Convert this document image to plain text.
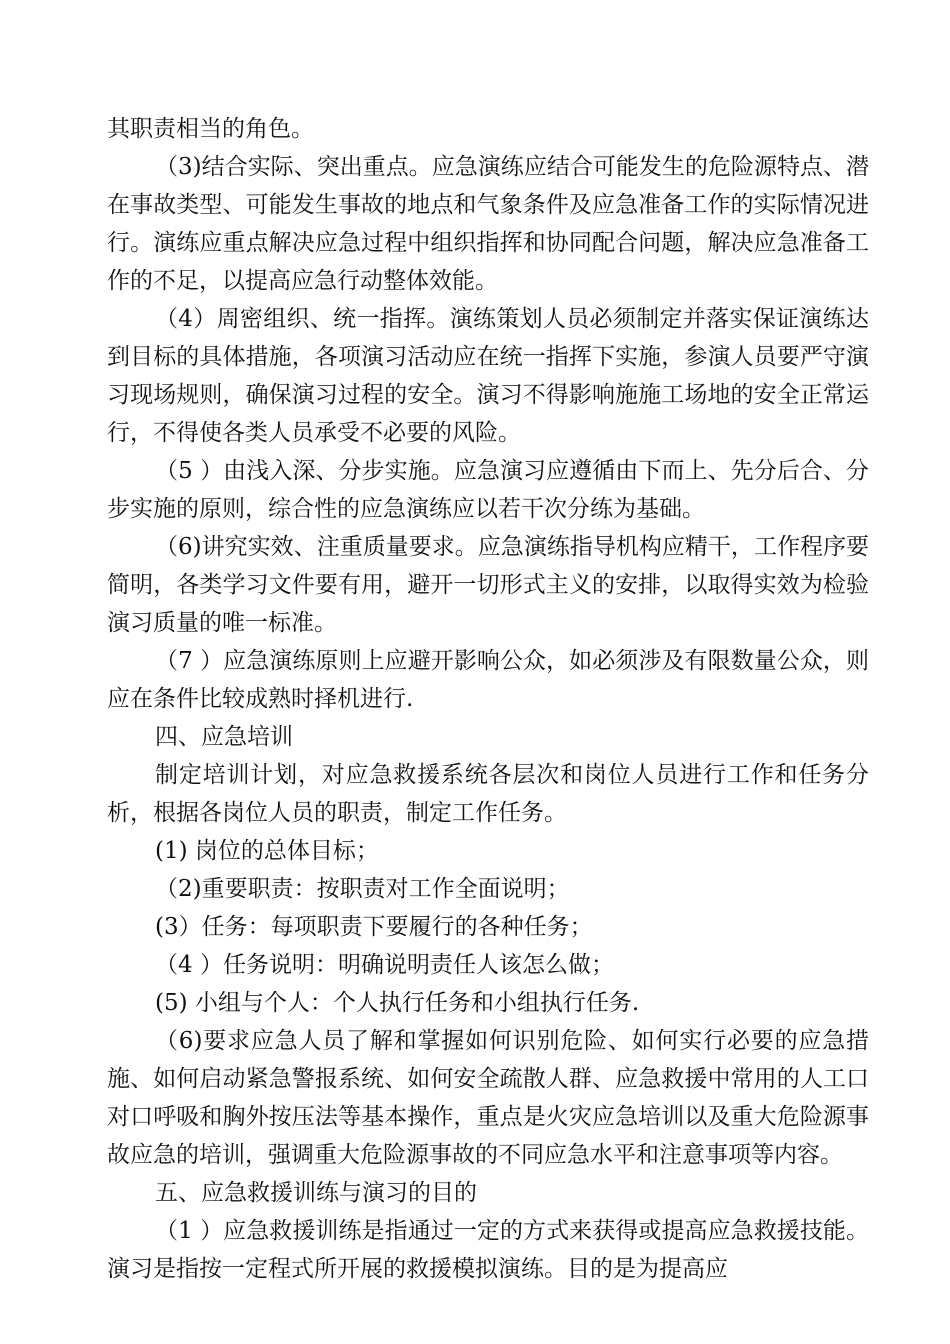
其职责相当的角色。

（3)结合实际、突出重点。应急演练应结合可能发生的危险源特点、潜在事故类型、可能发生事故的地点和气象条件及应急准备工作的实际情况进行。演练应重点解决应急过程中组织指挥和协同配合问题，解决应急准备工作的不足，以提高应急行动整体效能。

（4）周密组织、统一指挥。演练策划人员必须制定并落实保证演练达到目标的具体措施，各项演习活动应在统一指挥下实施，参演人员要严守演习现场规则，确保演习过程的安全。演习不得影响施施工场地的安全正常运行，不得使各类人员承受不必要的风险。

（5 ）由浅入深、分步实施。应急演习应遵循由下而上、先分后合、分步实施的原则，综合性的应急演练应以若干次分练为基础。

（6)讲究实效、注重质量要求。应急演练指导机构应精干，工作程序要简明，各类学习文件要有用，避开一切形式主义的安排，以取得实效为检验演习质量的唯一标准。

（7 ）应急演练原则上应避开影响公众，如必须涉及有限数量公众，则应在条件比较成熟时择机进行.

四、应急培训

制定培训计划，对应急救援系统各层次和岗位人员进行工作和任务分析，根据各岗位人员的职责，制定工作任务。

(1) 岗位的总体目标；

（2)重要职责：按职责对工作全面说明；

(3）任务：每项职责下要履行的各种任务；

（4 ）任务说明：明确说明责任人该怎么做；

(5) 小组与个人：个人执行任务和小组执行任务.

（6)要求应急人员了解和掌握如何识别危险、如何实行必要的应急措施、如何启动紧急警报系统、如何安全疏散人群、应急救援中常用的人工口对口呼吸和胸外按压法等基本操作，重点是火灾应急培训以及重大危险源事故应急的培训，强调重大危险源事故的不同应急水平和注意事项等内容。

五、应急救援训练与演习的目的

（1 ）应急救援训练是指通过一定的方式来获得或提高应急救援技能。演习是指按一定程式所开展的救援模拟演练。目的是为提高应
